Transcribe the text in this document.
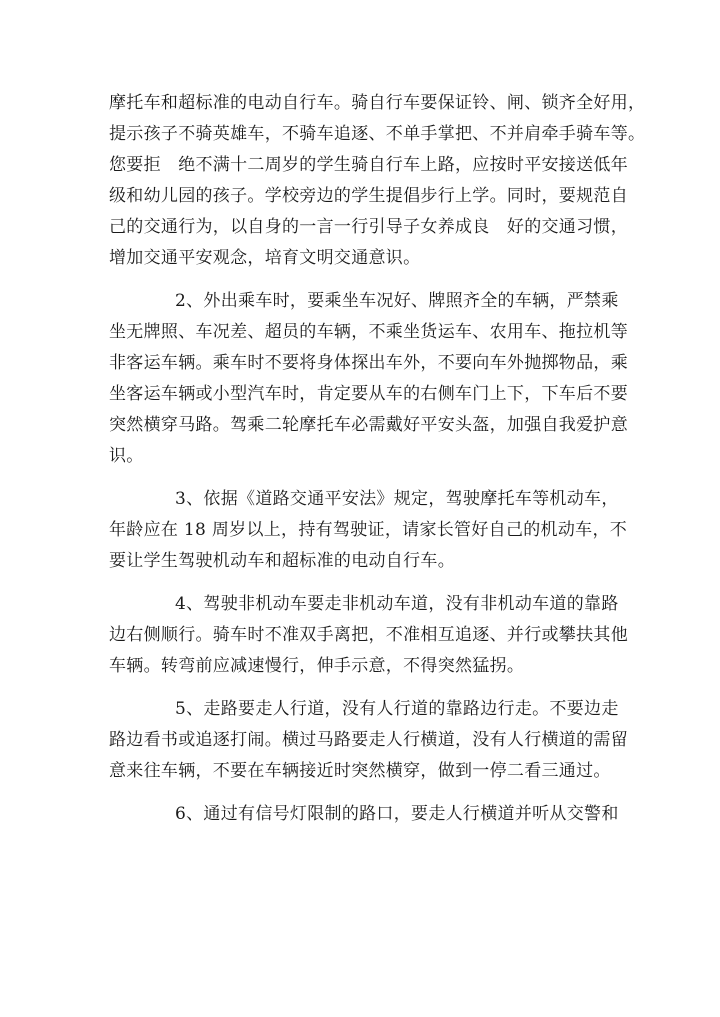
摩托车和超标准的电动自行车。骑自行车要保证铃、闸、锁齐全好用，
提示孩子不骑英雄车，不骑车追逐、不单手掌把、不并肩牵手骑车等。
您要拒　绝不满十二周岁的学生骑自行车上路，应按时平安接送低年
级和幼儿园的孩子。学校旁边的学生提倡步行上学。同时，要规范自
己的交通行为，以自身的一言一行引导子女养成良　好的交通习惯，
增加交通平安观念，培育文明交通意识。
2、外出乘车时，要乘坐车况好、牌照齐全的车辆，严禁乘
坐无牌照、车况差、超员的车辆，不乘坐货运车、农用车、拖拉机等
非客运车辆。乘车时不要将身体探出车外，不要向车外抛掷物品，乘
坐客运车辆或小型汽车时，肯定要从车的右侧车门上下，下车后不要
突然横穿马路。驾乘二轮摩托车必需戴好平安头盔，加强自我爱护意
识。
3、依据《道路交通平安法》规定，驾驶摩托车等机动车，
年龄应在 18 周岁以上，持有驾驶证，请家长管好自己的机动车，不
要让学生驾驶机动车和超标准的电动自行车。
4、驾驶非机动车要走非机动车道，没有非机动车道的靠路
边右侧顺行。骑车时不准双手离把，不准相互追逐、并行或攀扶其他
车辆。转弯前应减速慢行，伸手示意，不得突然猛拐。
5、走路要走人行道，没有人行道的靠路边行走。不要边走
路边看书或追逐打闹。横过马路要走人行横道，没有人行横道的需留
意来往车辆，不要在车辆接近时突然横穿，做到一停二看三通过。
6、通过有信号灯限制的路口，要走人行横道并听从交警和
